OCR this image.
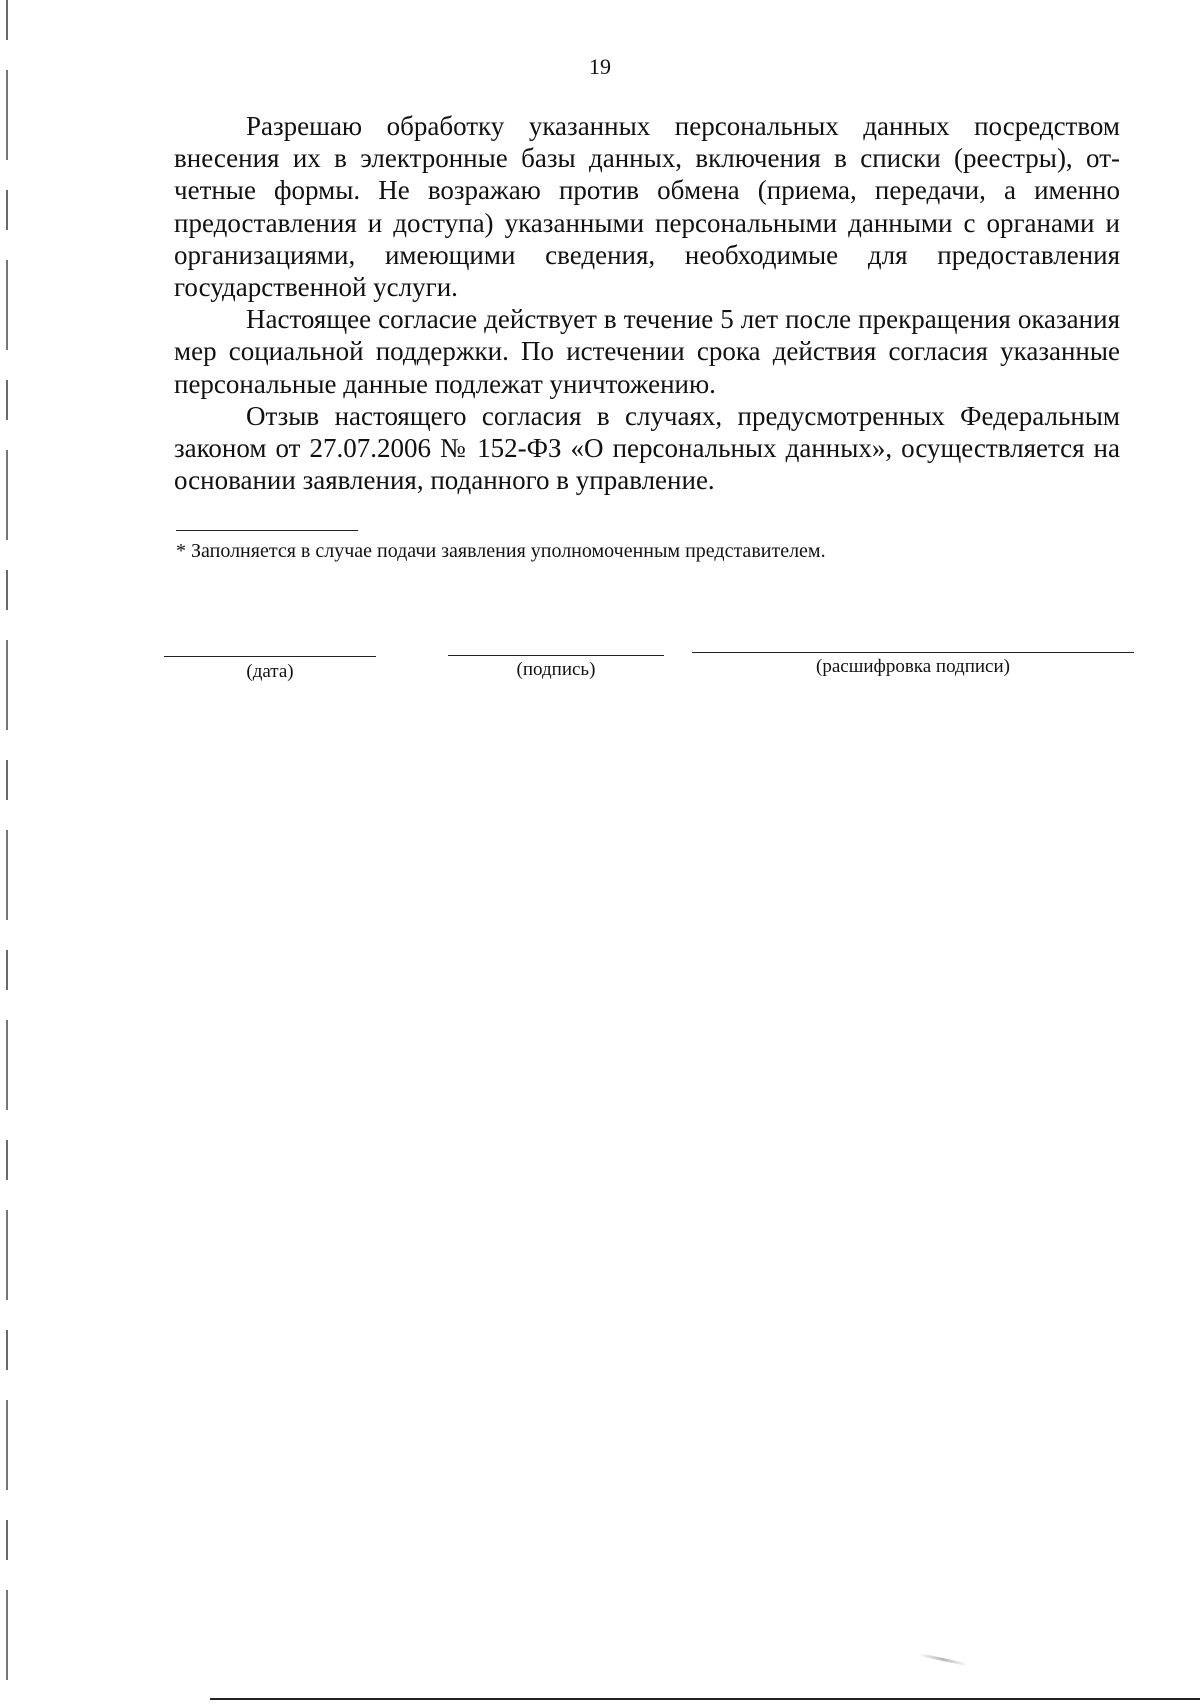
19

Разрешаю обработку указанных персональных данных посредством внесения их в электронные базы данных, включения в списки (реестры), отчетные формы. Не возражаю против обмена (приема, передачи, а именно предоставления и доступа) указанными персональными данными с органами и организациями, имеющими сведения, необходимые для предоставления государственной услуги.

Настоящее согласие действует в течение 5 лет после прекращения оказания мер социальной поддержки. По истечении срока действия согласия указанные персональные данные подлежат уничтожению.

Отзыв настоящего согласия в случаях, предусмотренных Федеральным законом от 27.07.2006 № 152-ФЗ «О персональных данных», осуществляется на основании заявления, поданного в управление.

* Заполняется в случае подачи заявления уполномоченным представителем.
(дата)	(подпись)	(расшифровка подписи)
